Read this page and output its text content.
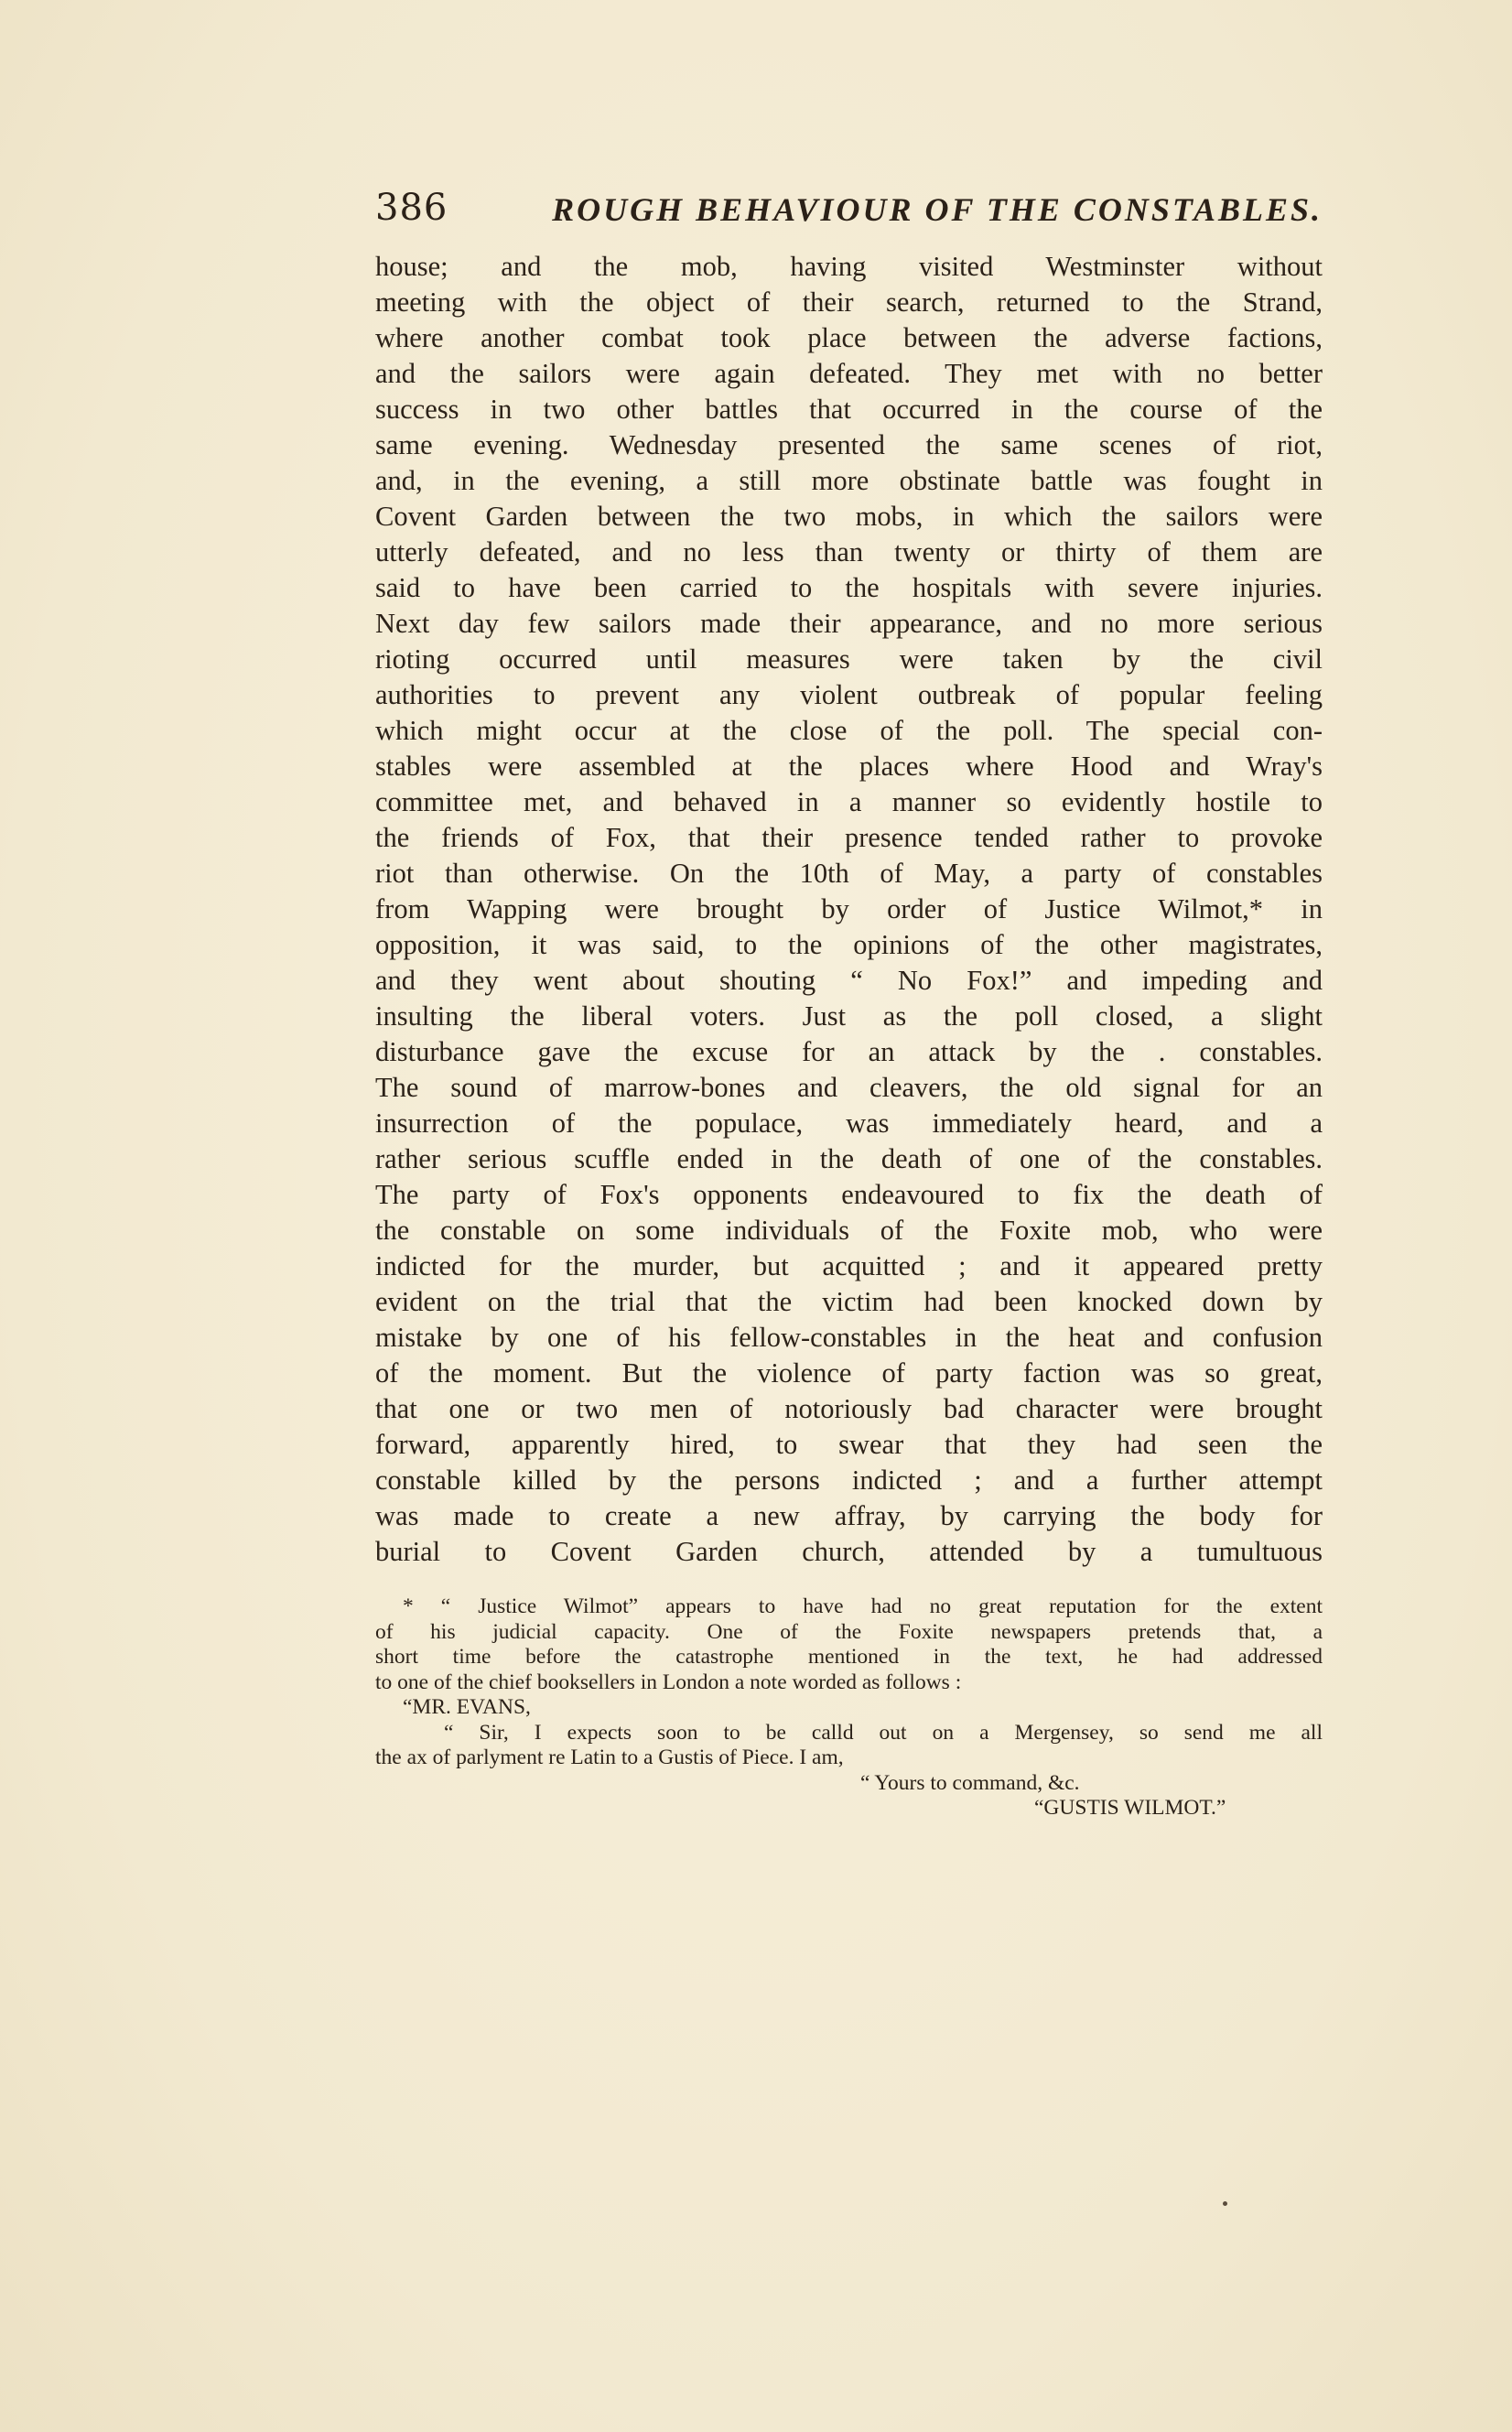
386	ROUGH BEHAVIOUR OF THE CONSTABLES.
house; and the mob, having visited Westminster without
meeting with the object of their search, returned to the Strand,
where another combat took place between the adverse factions,
and the sailors were again defeated. They met with no better
success in two other battles that occurred in the course of the
same evening. Wednesday presented the same scenes of riot,
and, in the evening, a still more obstinate battle was fought in
Covent Garden between the two mobs, in which the sailors were
utterly defeated, and no less than twenty or thirty of them are
said to have been carried to the hospitals with severe injuries.
Next day few sailors made their appearance, and no more serious
rioting occurred until measures were taken by the civil
authorities to prevent any violent outbreak of popular feeling
which might occur at the close of the poll. The special con-
stables were assembled at the places where Hood and Wray's
committee met, and behaved in a manner so evidently hostile to
the friends of Fox, that their presence tended rather to provoke
riot than otherwise. On the 10th of May, a party of constables
from Wapping were brought by order of Justice Wilmot,* in
opposition, it was said, to the opinions of the other magistrates,
and they went about shouting “ No Fox!” and impeding and
insulting the liberal voters. Just as the poll closed, a slight
disturbance gave the excuse for an attack by the . constables.
The sound of marrow-bones and cleavers, the old signal for an
insurrection of the populace, was immediately heard, and a
rather serious scuffle ended in the death of one of the constables.
The party of Fox's opponents endeavoured to fix the death of
the constable on some individuals of the Foxite mob, who were
indicted for the murder, but acquitted ; and it appeared pretty
evident on the trial that the victim had been knocked down by
mistake by one of his fellow-constables in the heat and confusion
of the moment. But the violence of party faction was so great,
that one or two men of notoriously bad character were brought
forward, apparently hired, to swear that they had seen the
constable killed by the persons indicted ; and a further attempt
was made to create a new affray, by carrying the body for
burial to Covent Garden church, attended by a tumultuous
* “ Justice Wilmot” appears to have had no great reputation for the extent
of his judicial capacity. One of the Foxite newspapers pretends that, a
short time before the catastrophe mentioned in the text, he had addressed
to one of the chief booksellers in London a note worded as follows :
“MR. EVANS,
“ Sir, I expects soon to be calld out on a Mergensey, so send me all
the ax of parlyment re Latin to a Gustis of Piece. I am,
“ Yours to command, &c.
“GUSTIS WILMOT.”
